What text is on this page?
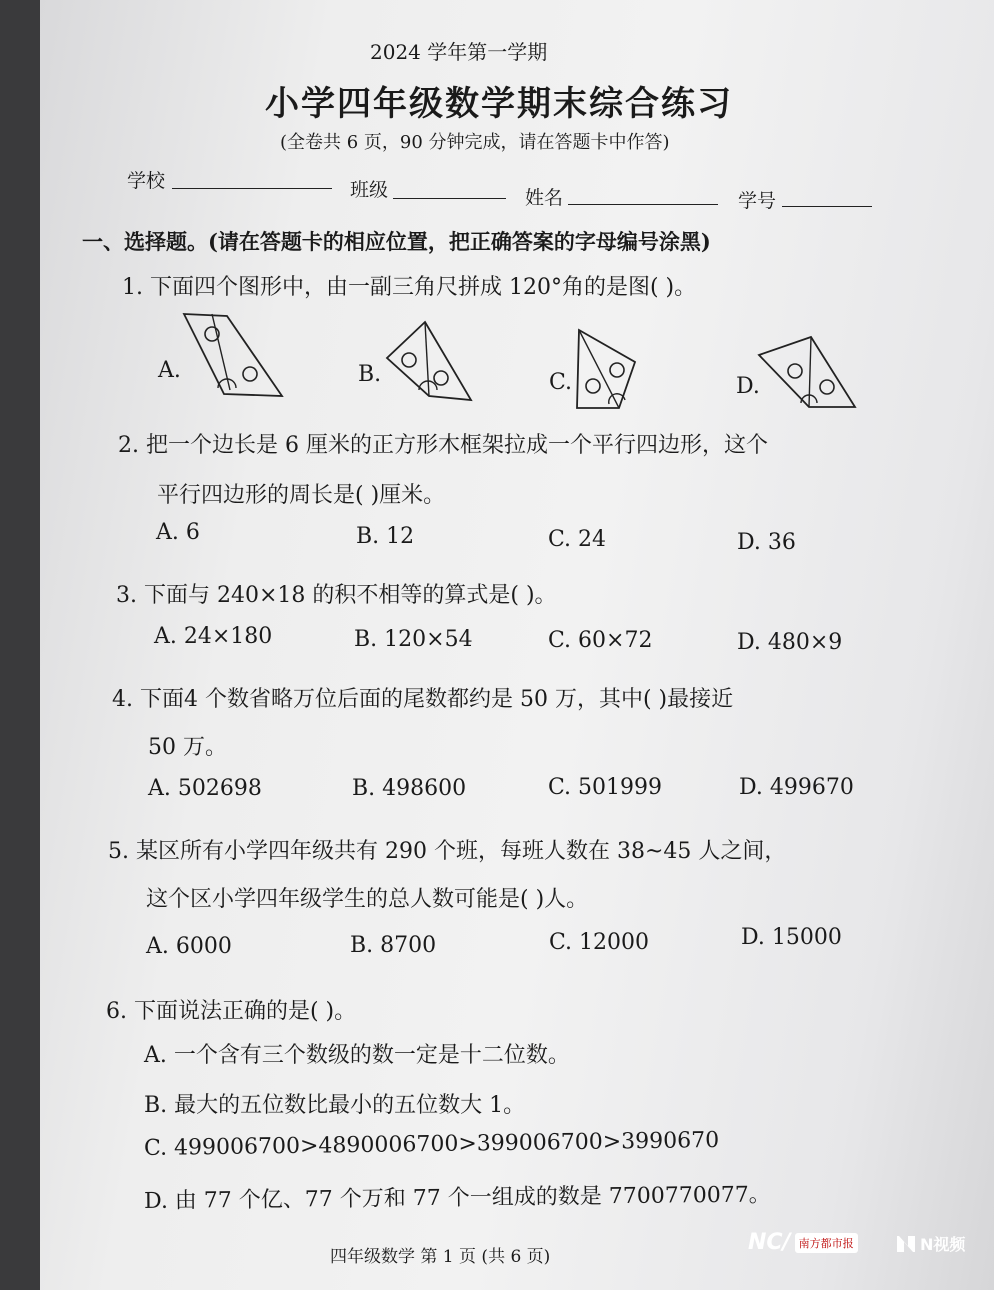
2024 学年第一学期
小学四年级数学期末综合练习
(全卷共 6 页，90 分钟完成，请在答题卡中作答)
学校	班级	姓名	学号
一、选择题。(请在答题卡的相应位置，把正确答案的字母编号涂黑)
1. 下面四个图形中，由一副三角尺拼成 120°角的是图( )。
A.	B.	C.	D.
2. 把一个边长是 6 厘米的正方形木框架拉成一个平行四边形，这个
平行四边形的周长是( )厘米。
A. 6	B. 12	C. 24	D. 36
3. 下面与 240×18 的积不相等的算式是( )。
A. 24×180	B. 120×54	C. 60×72	D. 480×9
4. 下面4 个数省略万位后面的尾数都约是 50 万，其中( )最接近
50 万。
A. 502698	B. 498600	C. 501999	D. 499670
5. 某区所有小学四年级共有 290 个班，每班人数在 38~45 人之间，
这个区小学四年级学生的总人数可能是( )人。
A. 6000	B. 8700	C. 12000	D. 15000
6. 下面说法正确的是( )。
A. 一个含有三个数级的数一定是十二位数。
B. 最大的五位数比最小的五位数大 1。
C. 499006700>4890006700>399006700>3990670
D. 由 77 个亿、77 个万和 77 个一组成的数是 7700770077。
四年级数学 第 1 页 (共 6 页)
NC/ 南方都市报	N视频
